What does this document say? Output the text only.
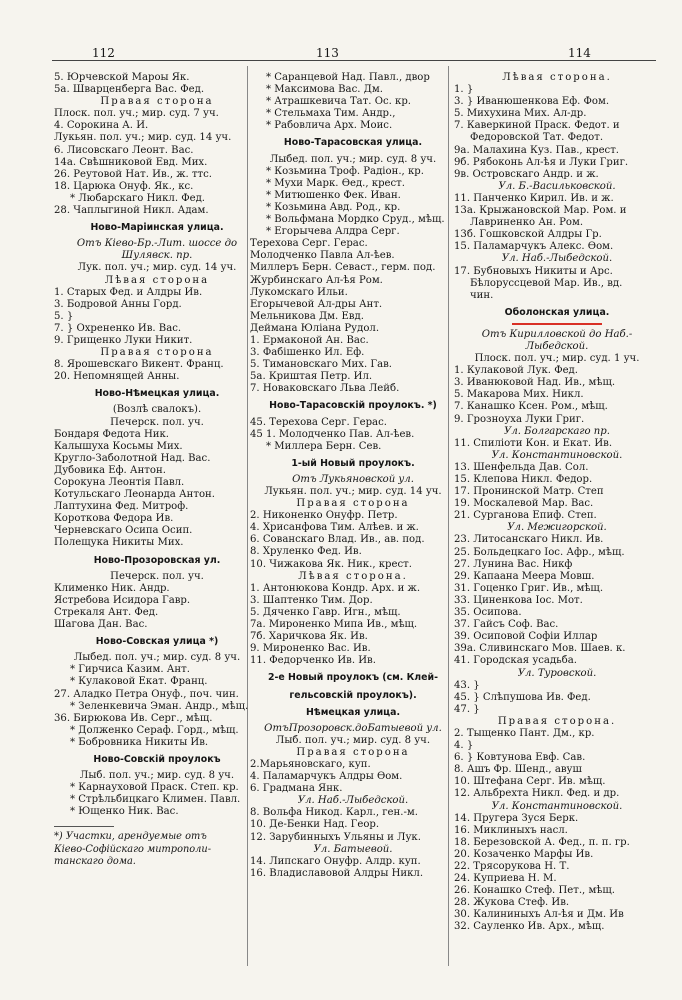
112	113	114
5. Юрчевской Мароы Як.
5а. Шварценберга Вас. Фед.
Правая сторона
Плоск. пол. уч.; мир. суд. 7 уч.
4. Сорокина А. И.
Лукьян. пол. уч.; мир. суд. 14 уч.
6. Лисовскаго Леонт. Вас.
14а. Свѣшниковой Евд. Мих.
26. Реутовой Нат. Ив., ж. ттс.
18. Царюка Онуф. Як., кс.
* Любарскаго Никл. Фед.
28. Чаплыгиной Никл. Адам.
Ново-Маріинская улица.
Отъ Кіево-Бр.-Лит. шоссе до
Шулявск. пр.
Лук. пол. уч.; мир. суд. 14 уч.
Лѣвая сторона
1. Старых Фед. и Алдры Ив.
3. Бодровой Анны Горд.
5. }
7. } Охрененко Ив. Вас.
9. Грищенко Луки Никит.
Правая сторона
8. Ярошевскаго Викент. Франц.
20. Непомнящей Анны.
Ново-Нѣмецкая улица.
(Возлѣ свалокъ).
Печерск. пол. уч.
Бондаря Федота Ник.
Калышуха Косьмы Мих.
Кругло-Заболотной Над. Вас.
Дубовика Еф. Антон.
Сорокуна Леонтія Павл.
Котульскаго Леонарда Антон.
Лаптухина Фед. Митроф.
Короткова Федора Ив.
Черневскаго Осипа Осип.
Полещука Никиты Мих.
Ново-Прозоровская ул.
Печерск. пол. уч.
Клименко Ник. Андр.
Ястребова Исидора Гавр.
Стрекаля Ант. Фед.
Шагова Дан. Вас.
Ново-Совская улица *)
Лыбед. пол. уч.; мир. суд. 8 уч.
* Гирчиса Казим. Ант.
* Кулаковой Екат. Франц.
27. Аладко Петра Онуф., поч. чин.
* Зеленкевича Эман. Андр., мѣщ.
36. Бирюкова Ив. Серг., мѣщ.
* Долженко Сераф. Горд., мѣщ.
* Бобровника Никиты Ив.
Ново-Совскій проулокъ
Лыб. пол. уч.; мир. суд. 8 уч.
* Карнауховой Праск. Степ. кр.
* Стрѣльбицкаго Климен. Павл.
* Ющенко Ник. Вас.
*) Участки, арендуемые отъ
Кіево-Софійскаго митрополи-
танскаго дома.
* Саранцевой Над. Павл., двор
* Максимова Вас. Дм.
* Атрашкевича Тат. Ос. кр.
* Стельмаха Тим. Андр.,
* Рабовлича Арх. Моис.
Ново-Тарасовская улица.
Лыбед. пол. уч.; мир. суд. 8 уч.
* Козьмина Троф. Радіон., кр.
* Мухи Марк. Өед., крест.
* Митюшенко Фек. Иван.
* Козьмина Авд. Род., кр.
* Вольфмана Мордко Сруд., мѣщ.
* Егорычева Алдра Серг.
Терехова Серг. Герас.
Молодченко Павла Ал-ѣев.
Миллеръ Берн. Севаст., герм. под.
Журбинскаго Ал-ѣя Ром.
Лукомскаго Ильи.
Егорычевой Ал-дры Ант.
Мельникова Дм. Евд.
Деймана Юліана Рудол.
1. Ермаконой Ан. Вас.
3. Фабішенко Ил. Еф.
5. Тимановскаго Мих. Гав.
5а. Криштая Петр. Ил.
7. Новаковскаго Льва Лейб.
Ново-Тарасовскій проулокъ. *)
45. Терехова Серг. Герас.
45 1. Молодченко Пав. Ал-ѣев.
* Миллера Берн. Сев.
1-ый Новый проулокъ.
Отъ Лукьяновской ул.
Лукьян. пол. уч.; мир. суд. 14 уч.
Правая сторона
2. Никоненко Онуфр. Петр.
4. Хрисанфова Тим. Алѣев. и ж.
6. Сованскаго Влад. Ив., ав. под.
8. Хруленко Фед. Ив.
10. Чижакова Як. Ник., крест.
Лѣвая сторона.
1. Антонюкова Кондр. Арх. и ж.
3. Шаптенко Тим. Дор.
5. Дяченко Гавр. Игн., мѣщ.
7а. Мироненко Мипа Ив., мѣщ.
7б. Харичкова Як. Ив.
9. Мироненко Вас. Ив.
11. Федорченко Ив. Ив.
2-е Новый проулокъ (см. Клей-
гельсовскій проулокъ).
Нѣмецкая улица.
ОтъПрозоровск.доБатыевой ул.
Лыб. пол. уч.; мир. суд. 8 уч.
Правая сторона
2.Марьяновскаго, куп.
4. Паламарчукъ Алдры Өом.
6. Градмана Янк.
Ул. Наб.-Лыбедской.
8. Вольфа Никод. Карл., ген.-м.
10. Де-Бенки Над. Геор.
12. Зарубинныхъ Ульяны и Лук.
Ул. Батыевой.
14. Липскаго Онуфр. Алдр. куп.
16. Владиславовой Алдры Никл.
Лѣвая сторона.
1. }
3. } Иванюшенкова Еф. Фом.
5. Михухина Мих. Ал-др.
7. Каверкиной Праск. Федот. и
Федоровской Тат. Федот.
9а. Малахина Куз. Пав., крест.
9б. Рябоконь Ал-ѣя и Луки Григ.
9в. Островскаго Андр. и ж.
Ул. Б.-Васильковской.
11. Панченко Кирил. Ив. и ж.
13а. Крыжановской Мар. Ром. и
Лавриненко Ан. Ром.
13б. Гошковской Алдры Гр.
15. Паламарчукъ Алекс. Өом.
Ул. Наб.-Лыбедской.
17. Бубновыхъ Никиты и Арс.
Бѣлоруссцевой Мар. Ив., вд.
чин.
Оболонская улица.
Отъ Кирилловской до Наб.-
Лыбедской.
Плоск. пол. уч.; мир. суд. 1 уч.
1. Кулаковой Лук. Фед.
3. Иванюковой Над. Ив., мѣщ.
5. Макарова Мих. Никл.
7. Канашко Ксен. Ром., мѣщ.
9. Грозноуха Луки Григ.
Ул. Болгарскаго пр.
11. Спиліоти Кон. и Екат. Ив.
Ул. Константиновской.
13. Шенфельда Дав. Сол.
15. Клепова Никл. Федор.
17. Пронинской Матр. Степ
19. Москалевой Мар. Вас.
21. Сурганова Епиф. Степ.
Ул. Межигорской.
23. Литосанскаго Никл. Ив.
25. Больдецкаго Іос. Афр., мѣщ.
27. Лунина Вас. Никф
29. Капаана Меера Мовш.
31. Гоценко Григ. Ив., мѣщ.
33. Циненкова Іос. Мот.
35. Осипова.
37. Гайсъ Соф. Вас.
39. Осиповой Софіи Иллар
39а. Сливинскаго Мов. Шаев. к.
41. Городская усадьба.
Ул. Туровской.
43. }
45. } Слѣпушова Ив. Фед.
47. }
Правая сторона.
2. Тыщенко Пант. Дм., кр.
4. }
6. } Ковтунова Евф. Сав.
8. Ашъ Фр. Шенд., авуш
10. Штефана Серг. Ив. мѣщ.
12. Альбрехта Никл. Фед. и др.
Ул. Константиновской.
14. Пругера Зуся Берк.
16. Миклиныхъ насл.
18. Березовской А. Фед., п. п. гр.
20. Козаченко Марфы Ив.
22. Трясорукова Н. Т.
24. Куприева Н. М.
26. Конашко Стеф. Пет., мѣщ.
28. Жукова Стеф. Ив.
30. Калининыхъ Ал-ѣя и Дм. Ив
32. Сауленко Ив. Арх., мѣщ.
